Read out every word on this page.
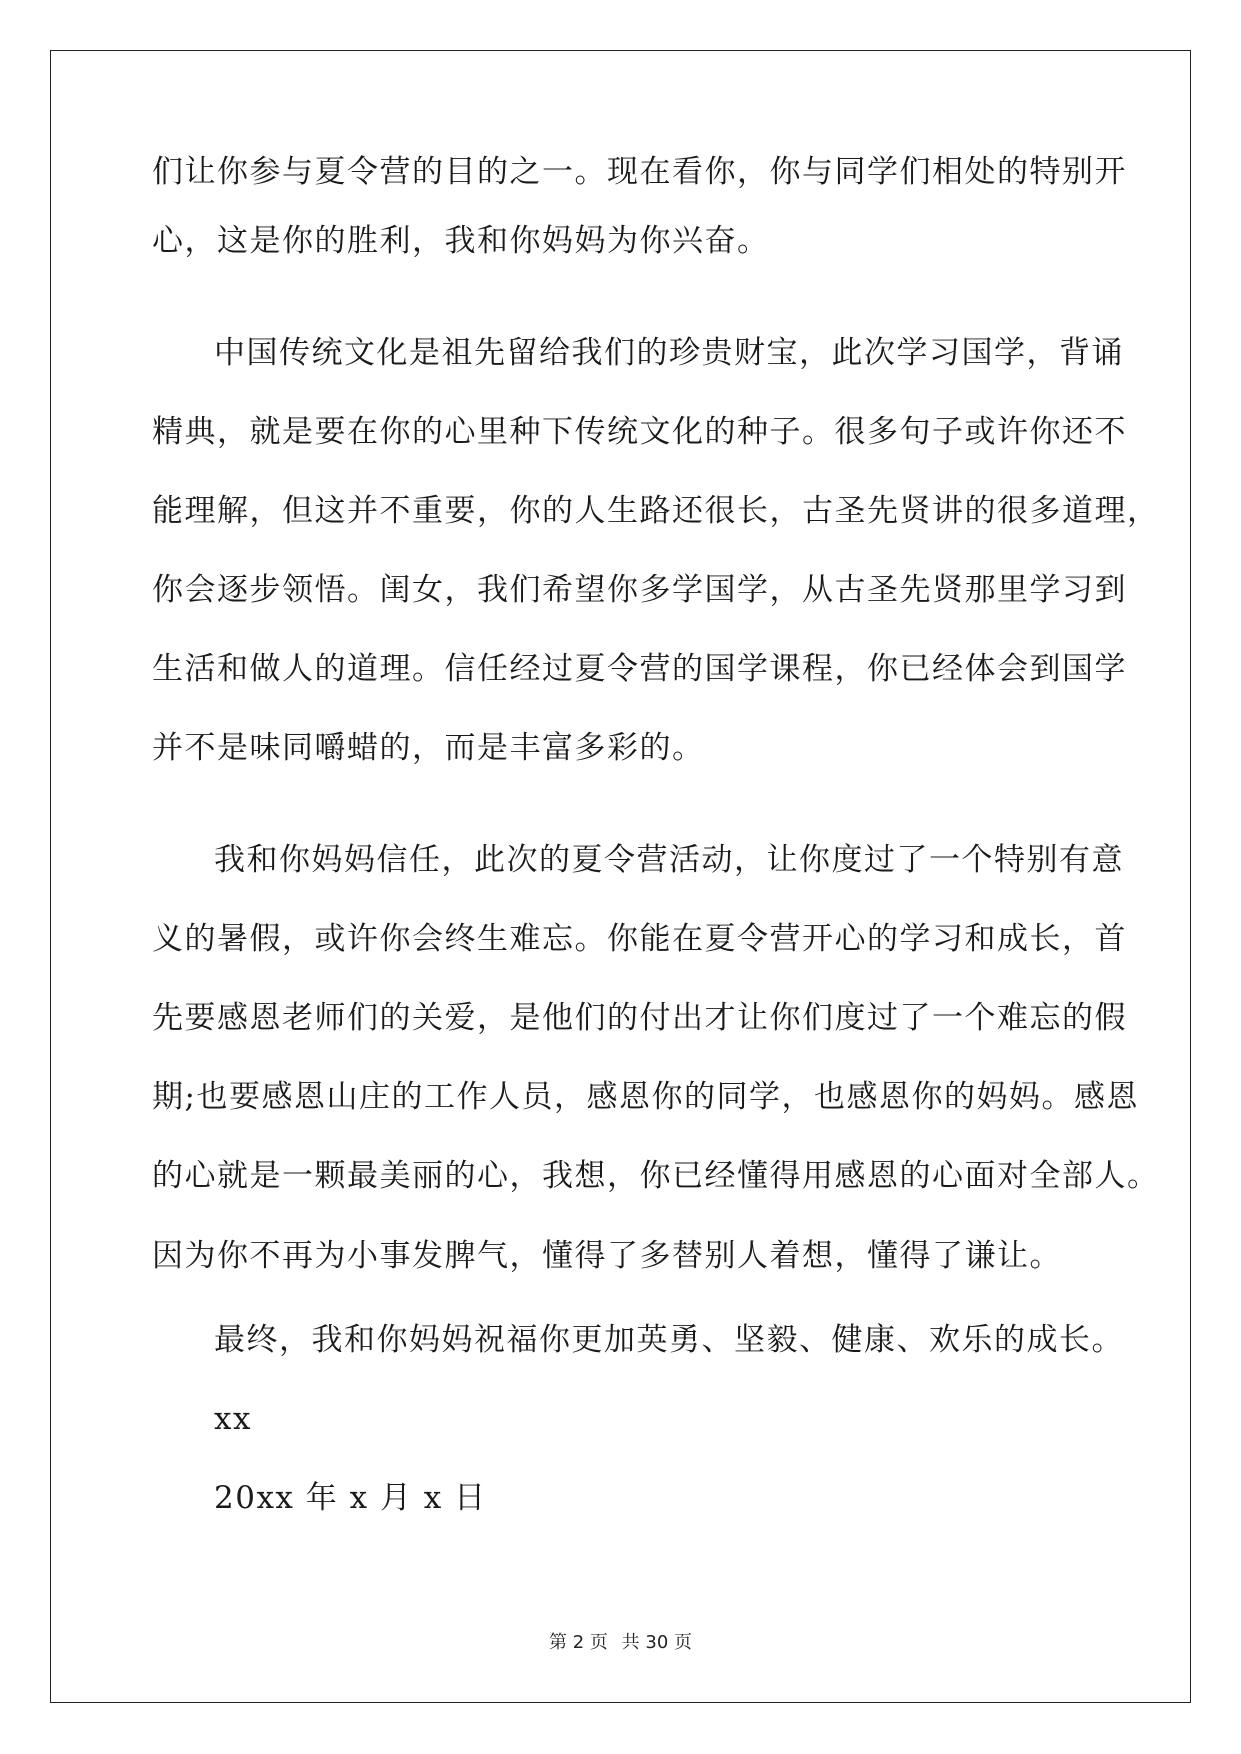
们让你参与夏令营的目的之一。现在看你，你与同学们相处的特别开
心，这是你的胜利，我和你妈妈为你兴奋。
中国传统文化是祖先留给我们的珍贵财宝，此次学习国学，背诵
精典，就是要在你的心里种下传统文化的种子。很多句子或许你还不
能理解，但这并不重要，你的人生路还很长，古圣先贤讲的很多道理，
你会逐步领悟。闺女，我们希望你多学国学，从古圣先贤那里学习到
生活和做人的道理。信任经过夏令营的国学课程，你已经体会到国学
并不是味同嚼蜡的，而是丰富多彩的。
我和你妈妈信任，此次的夏令营活动，让你度过了一个特别有意
义的暑假，或许你会终生难忘。你能在夏令营开心的学习和成长，首
先要感恩老师们的关爱，是他们的付出才让你们度过了一个难忘的假
期;也要感恩山庄的工作人员，感恩你的同学，也感恩你的妈妈。感恩
的心就是一颗最美丽的心，我想，你已经懂得用感恩的心面对全部人。
因为你不再为小事发脾气，懂得了多替别人着想，懂得了谦让。
最终，我和你妈妈祝福你更加英勇、坚毅、健康、欢乐的成长。
xx
20xx 年 x 月 x 日
第 2 页 共 30 页
